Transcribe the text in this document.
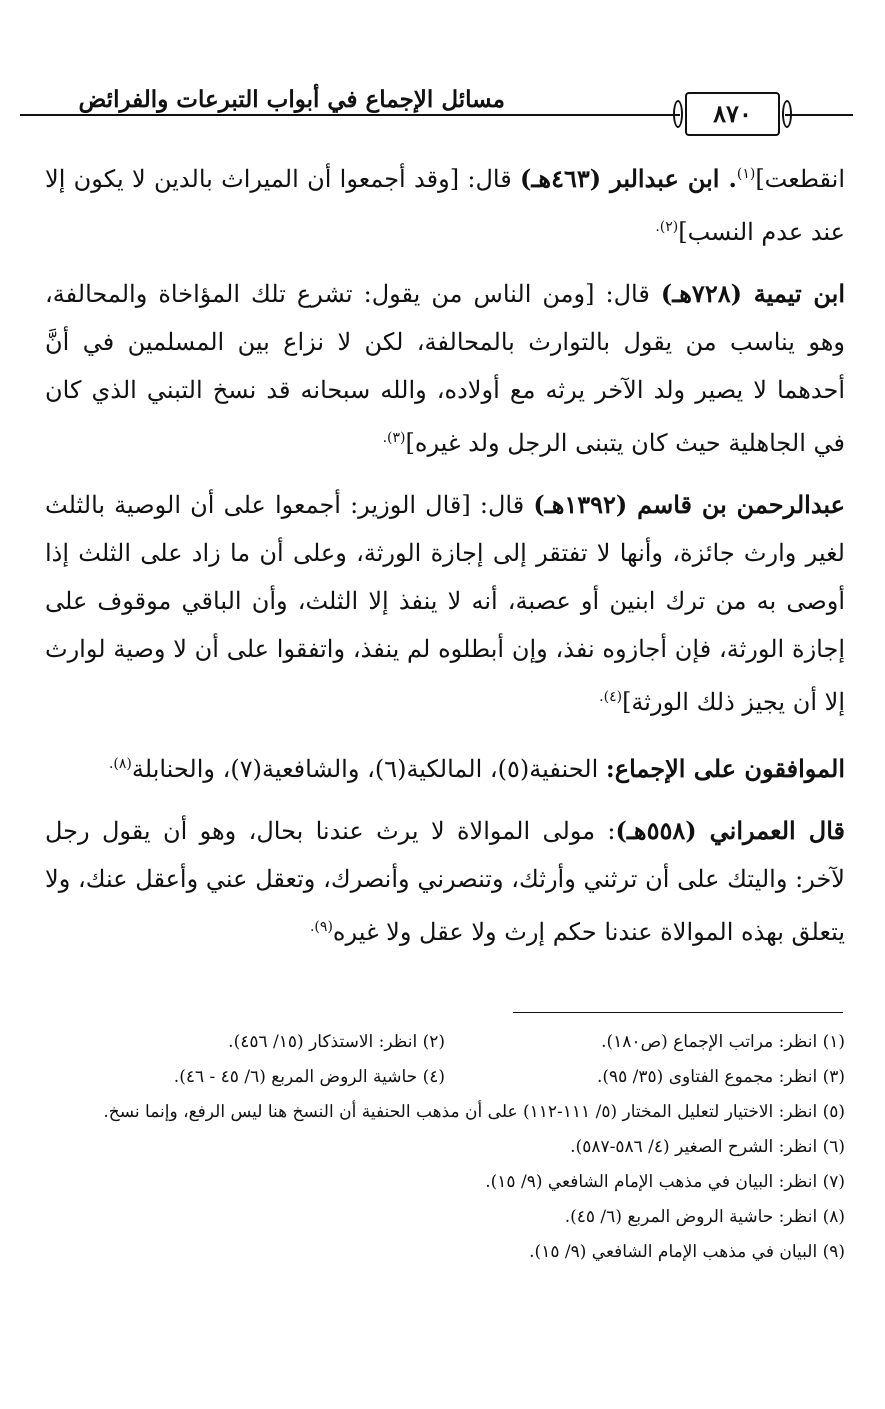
مسائل الإجماع في أبواب التبرعات والفرائض	٨٧٠

انقطعت]$^{(١)}$. ابن عبدالبر (٤٦٣هـ) قال: [وقد أجمعوا أن الميراث بالدين لا يكون إلا عند عدم النسب]$^{(٢).}$

ابن تيمية (٧٢٨هـ) قال: [ومن الناس من يقول: تشرع تلك المؤاخاة والمحالفة، وهو يناسب من يقول بالتوارث بالمحالفة، لكن لا نزاع بين المسلمين في أنَّ أحدهما لا يصير ولد الآخر يرثه مع أولاده، والله سبحانه قد نسخ التبني الذي كان في الجاهلية حيث كان يتبنى الرجل ولد غيره]$^{(٣).}$

عبدالرحمن بن قاسم (١٣٩٢هـ) قال: [قال الوزير: أجمعوا على أن الوصية بالثلث لغير وارث جائزة، وأنها لا تفتقر إلى إجازة الورثة، وعلى أن ما زاد على الثلث إذا أوصى به من ترك ابنين أو عصبة، أنه لا ينفذ إلا الثلث، وأن الباقي موقوف على إجازة الورثة، فإن أجازوه نفذ، وإن أبطلوه لم ينفذ، واتفقوا على أن لا وصية لوارث إلا أن يجيز ذلك الورثة]$^{(٤).}$

الموافقون على الإجماع: الحنفية(٥)، المالكية(٦)، والشافعية(٧)، والحنابلة$^{(٨).}$

قال العمراني (٥٥٨هـ): مولى الموالاة لا يرث عندنا بحال، وهو أن يقول رجل لآخر: واليتك على أن ترثني وأرثك، وتنصرني وأنصرك، وتعقل عني وأعقل عنك، ولا يتعلق بهذه الموالاة عندنا حكم إرث ولا عقل ولا غيره$^{(٩).}$

(١) انظر: مراتب الإجماع (ص١٨٠).
(٢) انظر: الاستذكار (١٥/ ٤٥٦).
(٣) انظر: مجموع الفتاوى (٣٥/ ٩٥).
(٤) حاشية الروض المربع (٦/ ٤٥ - ٤٦).
(٥) انظر: الاختيار لتعليل المختار (٥/ ١١١-١١٢) على أن مذهب الحنفية أن النسخ هنا ليس الرفع، وإنما نسخ.
(٦) انظر: الشرح الصغير (٤/ ٥٨٦-٥٨٧).
(٧) انظر: البيان في مذهب الإمام الشافعي (٩/ ١٥).
(٨) انظر: حاشية الروض المربع (٦/ ٤٥).
(٩) البيان في مذهب الإمام الشافعي (٩/ ١٥).
